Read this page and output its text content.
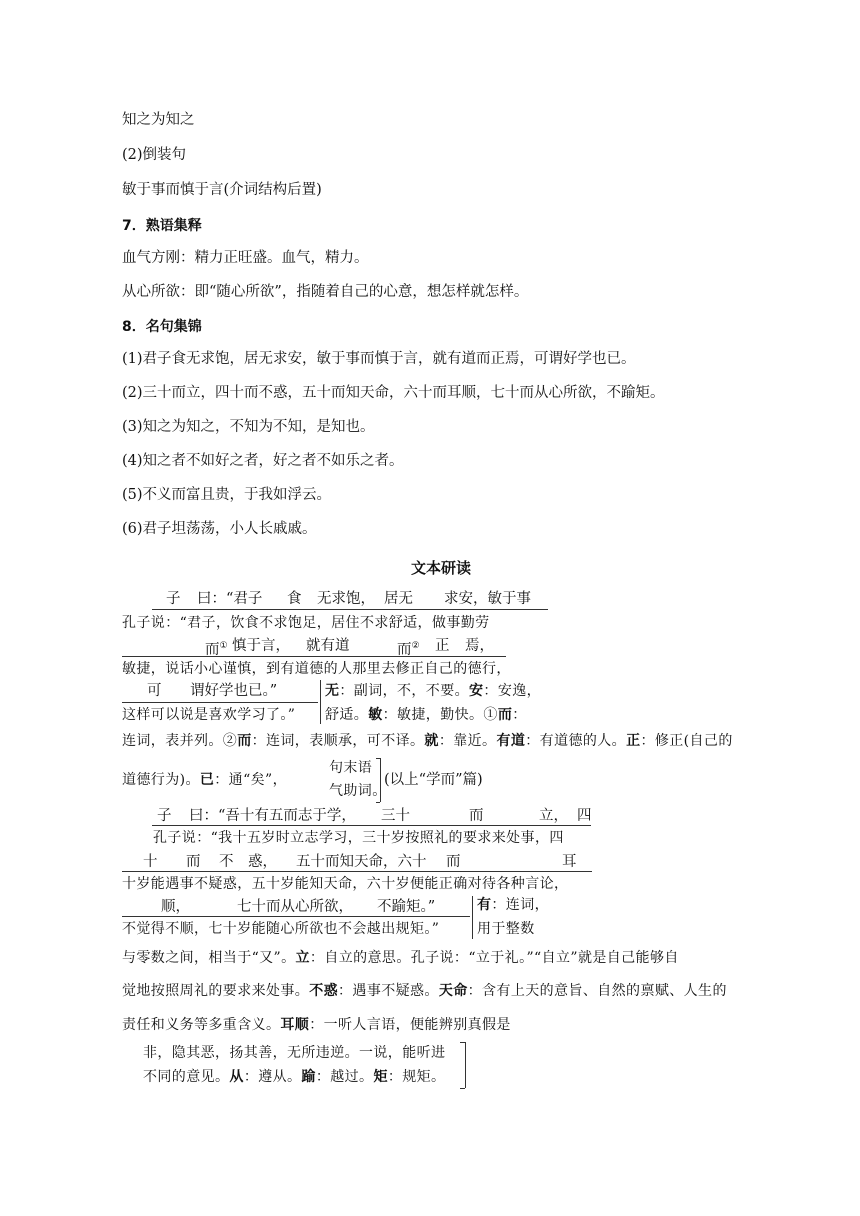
知之为知之
(2)倒装句
敏于事而慎于言(介词结构后置)
7．熟语集释
血气方刚：精力正旺盛。血气，精力。
从心所欲：即“随心所欲”，指随着自己的心意，想怎样就怎样。
8．名句集锦
(1)君子食无求饱，居无求安，敏于事而慎于言，就有道而正焉，可谓好学也已。
(2)三十而立，四十而不惑，五十而知天命，六十而耳顺，七十而从心所欲，不踰矩。
(3)知之为知之，不知为不知，是知也。
(4)知之者不如好之者，好之者不如乐之者。
(5)不义而富且贵，于我如浮云。
(6)君子坦荡荡，小人长戚戚。
文本研读
子 曰：“君子 食 无求饱， 居无 求安，敏于事
孔子说：“君子，饮食不求饱足，居住不求舒适，做事勤劳
而① 慎于言， 就有道	而② 正 焉，
敏捷，说话小心谨慎，到有道德的人那里去修正自己的德行，
可 谓好学也已。”
这样可以说是喜欢学习了。”
无：副词，不，不要。安：安逸，
舒适。敏：敏捷，勤快。①而：
连词，表并列。②而：连词，表顺承，可不译。就：靠近。有道：有道德的人。正：修正(自己的
道德行为)。已：通“矣”，
句末语
气助词。
(以上“学而”篇)
子 曰：“吾十有五而志于学， 三十	而	立， 四
孔子说：“我十五岁时立志学习，三十岁按照礼的要求来处事，四
十 而 不 惑， 五十而知天命，六十 而	耳
十岁能遇事不疑惑，五十岁能知天命，六十岁便能正确对待各种言论，
顺，	七十而从心所欲， 不踰矩。”
不觉得不顺，七十岁能随心所欲也不会越出规矩。”
有：连词，
用于整数
与零数之间，相当于“又”。立：自立的意思。孔子说：“立于礼。”“自立”就是自己能够自
觉地按照周礼的要求来处事。不惑：遇事不疑惑。天命：含有上天的意旨、自然的禀赋、人生的
责任和义务等多重含义。耳顺：一听人言语，便能辨别真假是
非，隐其恶，扬其善，无所违逆。一说，能听进
不同的意见。从：遵从。踰：越过。矩：规矩。
